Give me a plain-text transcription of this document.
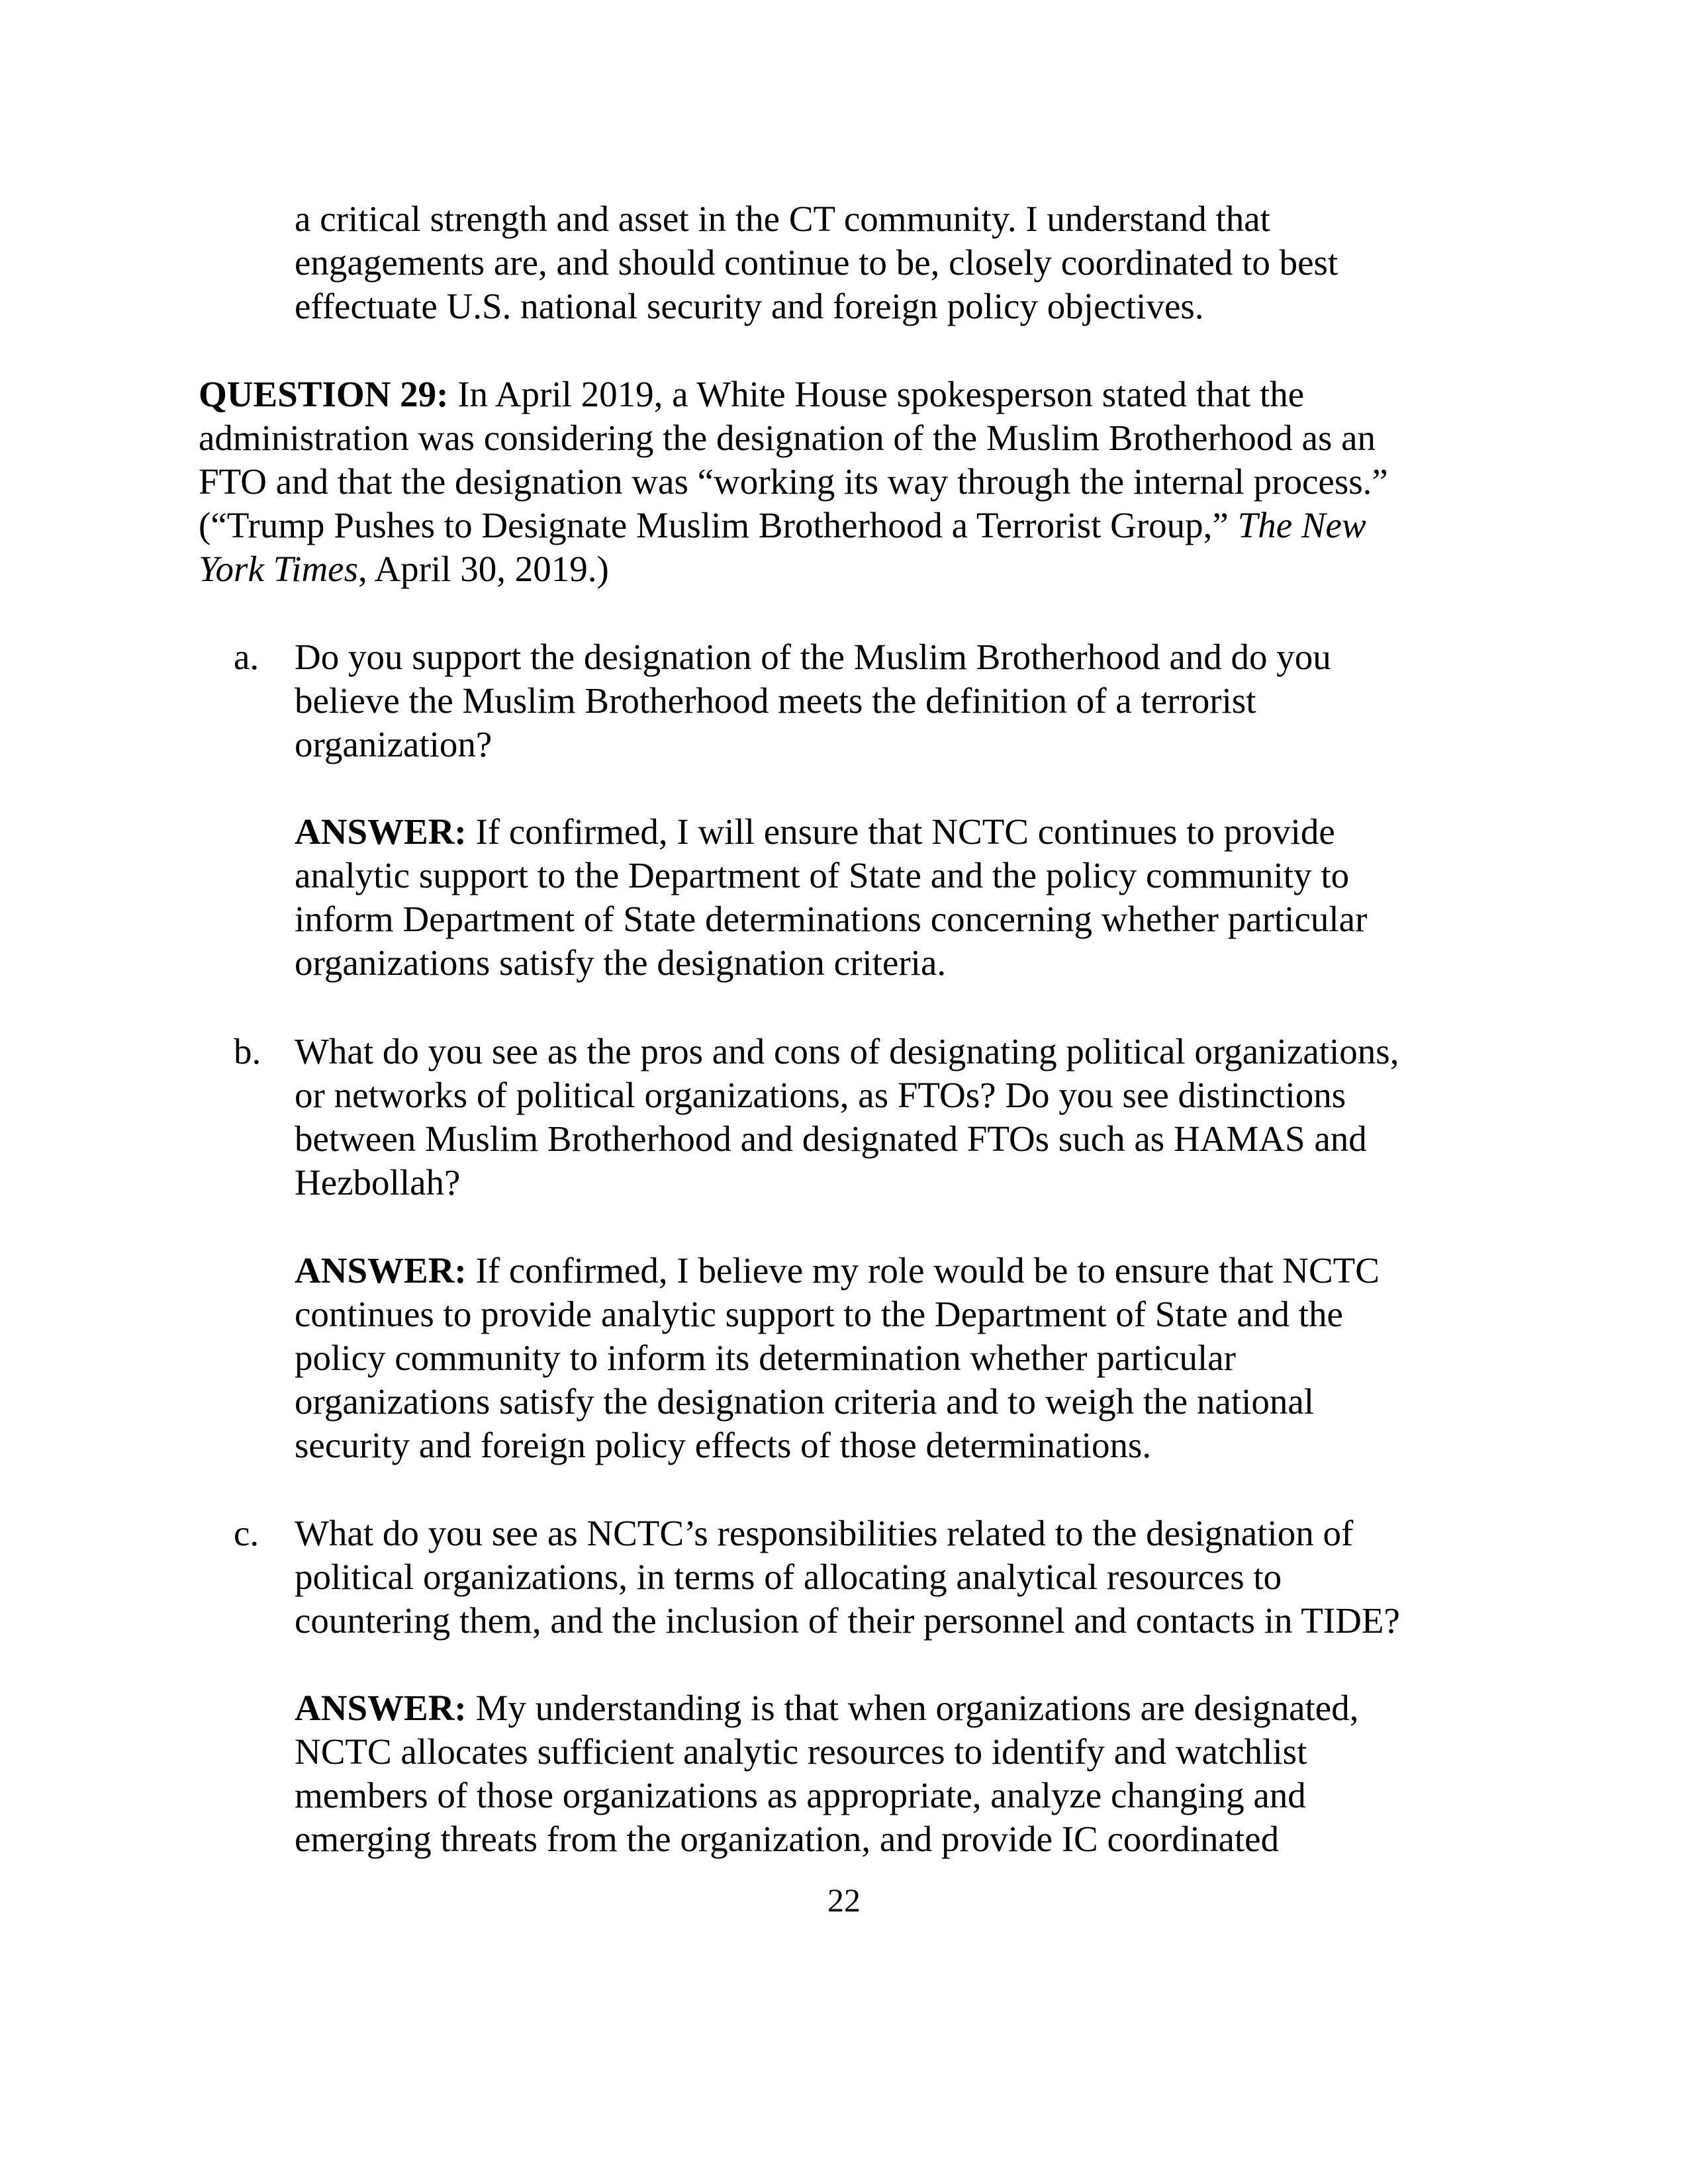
a critical strength and asset in the CT community. I understand that
engagements are, and should continue to be, closely coordinated to best
effectuate U.S. national security and foreign policy objectives.
QUESTION 29: In April 2019, a White House spokesperson stated that the
administration was considering the designation of the Muslim Brotherhood as an
FTO and that the designation was “working its way through the internal process.”
(“Trump Pushes to Designate Muslim Brotherhood a Terrorist Group,” The New
York Times, April 30, 2019.)
a. Do you support the designation of the Muslim Brotherhood and do you
believe the Muslim Brotherhood meets the definition of a terrorist
organization?
ANSWER: If confirmed, I will ensure that NCTC continues to provide
analytic support to the Department of State and the policy community to
inform Department of State determinations concerning whether particular
organizations satisfy the designation criteria.
b. What do you see as the pros and cons of designating political organizations,
or networks of political organizations, as FTOs? Do you see distinctions
between Muslim Brotherhood and designated FTOs such as HAMAS and
Hezbollah?
ANSWER: If confirmed, I believe my role would be to ensure that NCTC
continues to provide analytic support to the Department of State and the
policy community to inform its determination whether particular
organizations satisfy the designation criteria and to weigh the national
security and foreign policy effects of those determinations.
c. What do you see as NCTC’s responsibilities related to the designation of
political organizations, in terms of allocating analytical resources to
countering them, and the inclusion of their personnel and contacts in TIDE?
ANSWER: My understanding is that when organizations are designated,
NCTC allocates sufficient analytic resources to identify and watchlist
members of those organizations as appropriate, analyze changing and
emerging threats from the organization, and provide IC coordinated
22
